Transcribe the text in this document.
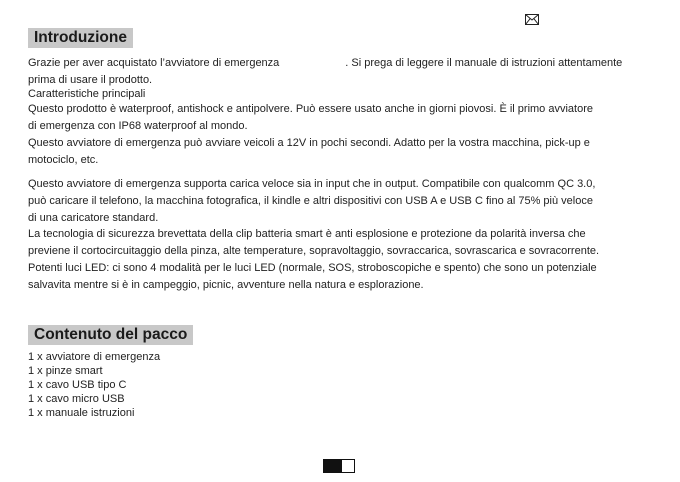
Introduzione
Grazie per aver acquistato l’avviatore di emergenza	. Si prega di leggere il manuale di istruzioni attentamente
prima di usare il prodotto.
Caratteristiche principali
Questo prodotto è waterproof, antishock e antipolvere. Può essere usato anche in giorni piovosi. È il primo avviatore
di emergenza con IP68 waterproof al mondo.
Questo avviatore di emergenza può avviare veicoli a 12V in pochi secondi. Adatto per la vostra macchina, pick-up e
motociclo, etc.
Questo avviatore di emergenza supporta carica veloce sia in input che in output. Compatibile con qualcomm QC 3.0,
può caricare il telefono, la macchina fotografica, il kindle e altri dispositivi con USB A e USB C fino al 75% più veloce
di una caricatore standard.
La tecnologia di sicurezza brevettata della clip batteria smart è anti esplosione e protezione da polarità inversa che
previene il cortocircuitaggio della pinza, alte temperature, sopravoltaggio, sovraccarica, sovrascarica e sovracorrente.
Potenti luci LED: ci sono 4 modalità per le luci LED (normale, SOS, stroboscopiche e spento) che sono un potenziale
salvavita mentre si è in campeggio, picnic, avventure nella natura e esplorazione.
Contenuto del pacco
1 x avviatore di emergenza
1 x pinze smart
1 x cavo USB tipo C
1 x cavo micro USB
1 x manuale istruzioni
